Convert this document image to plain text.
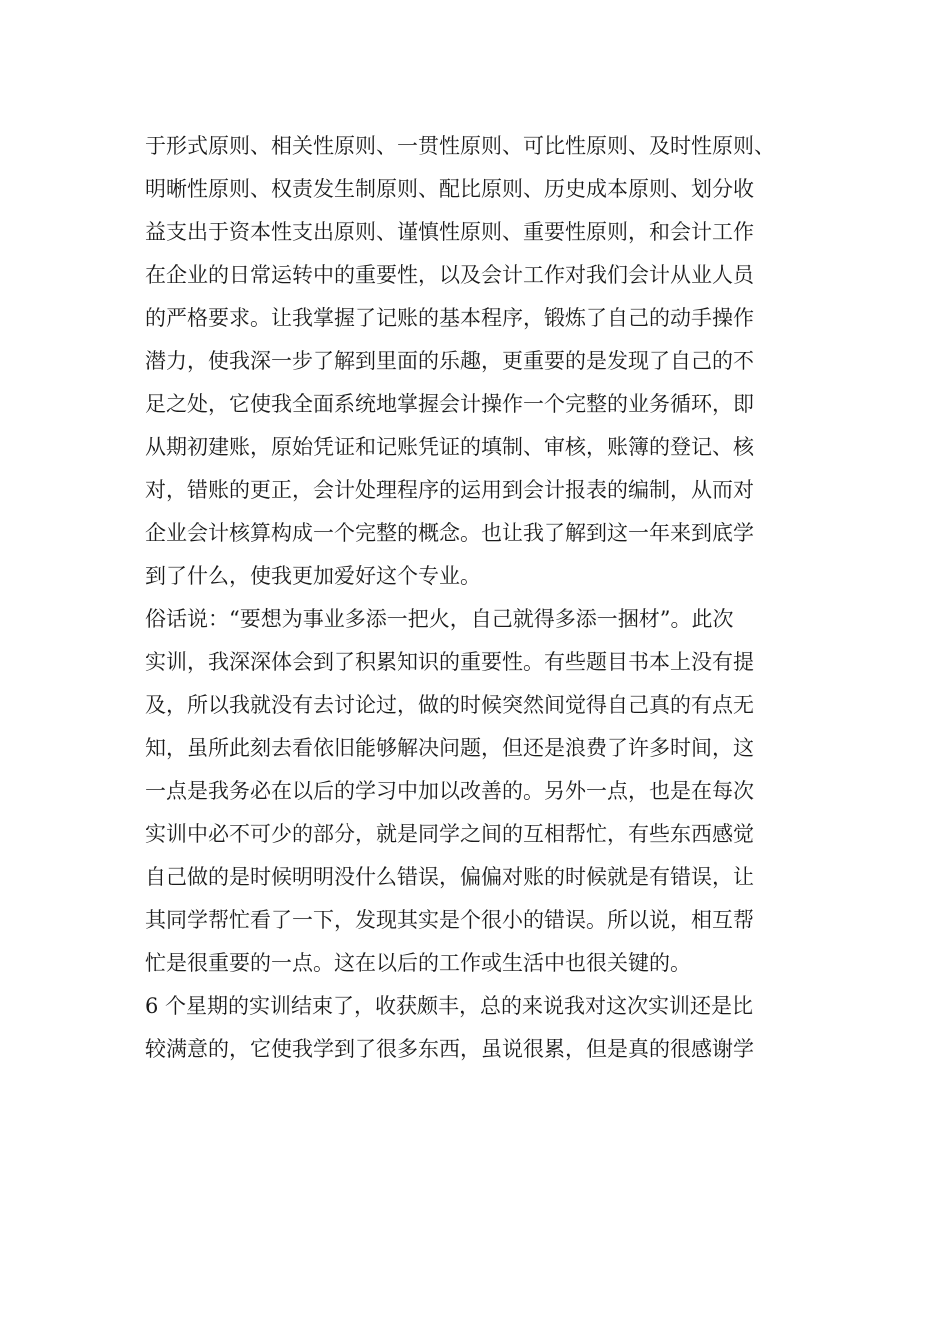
于形式原则、相关性原则、一贯性原则、可比性原则、及时性原则、
明晰性原则、权责发生制原则、配比原则、历史成本原则、划分收
益支出于资本性支出原则、谨慎性原则、重要性原则，和会计工作
在企业的日常运转中的重要性，以及会计工作对我们会计从业人员
的严格要求。让我掌握了记账的基本程序，锻炼了自己的动手操作
潜力，使我深一步了解到里面的乐趣，更重要的是发现了自己的不
足之处，它使我全面系统地掌握会计操作一个完整的业务循环，即
从期初建账，原始凭证和记账凭证的填制、审核，账簿的登记、核
对，错账的更正，会计处理程序的运用到会计报表的编制，从而对
企业会计核算构成一个完整的概念。也让我了解到这一年来到底学
到了什么，使我更加爱好这个专业。
俗话说：“要想为事业多添一把火，自己就得多添一捆材”。此次
实训，我深深体会到了积累知识的重要性。有些题目书本上没有提
及，所以我就没有去讨论过，做的时候突然间觉得自己真的有点无
知，虽所此刻去看依旧能够解决问题，但还是浪费了许多时间，这
一点是我务必在以后的学习中加以改善的。另外一点，也是在每次
实训中必不可少的部分，就是同学之间的互相帮忙，有些东西感觉
自己做的是时候明明没什么错误，偏偏对账的时候就是有错误，让
其同学帮忙看了一下，发现其实是个很小的错误。所以说，相互帮
忙是很重要的一点。这在以后的工作或生活中也很关键的。
6 个星期的实训结束了，收获颇丰，总的来说我对这次实训还是比
较满意的，它使我学到了很多东西，虽说很累，但是真的很感谢学
